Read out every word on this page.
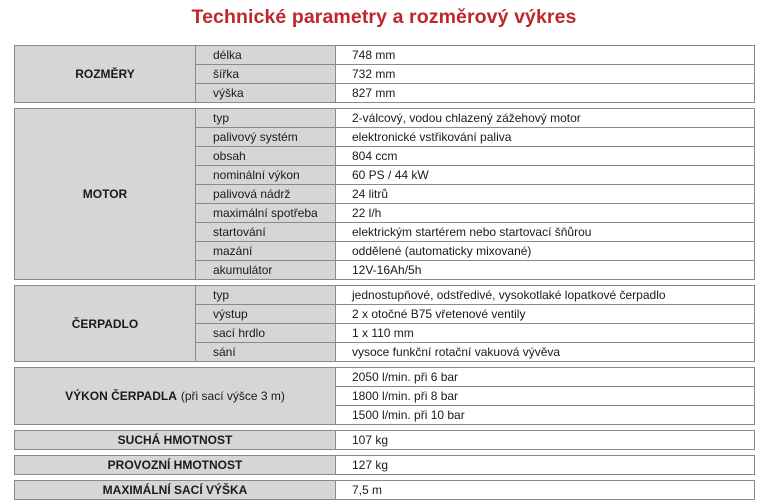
Technické parametry a rozměrový výkres
ROZMĚRY
délka	748 mm
šířka	732 mm
výška	827 mm
MOTOR
typ	2-válcový, vodou chlazený zážehový motor
palivový systém	elektronické vstřikování paliva
obsah	804 ccm
nominální výkon	60 PS / 44 kW
palivová nádrž	24 litrů
maximální spotřeba	22 l/h
startování	elektrickým startérem nebo startovací šňůrou
mazání	oddělené (automaticky mixované)
akumulátor	12V-16Ah/5h
ČERPADLO
typ	jednostupňové, odstředivé, vysokotlaké lopatkové čerpadlo
výstup	2 x otočné B75 vřetenové ventily
sací hrdlo	1 x 110 mm
sání	vysoce funkční rotační vakuová vývěva
VÝKON ČERPADLA (při sací výšce 3 m)
2050 l/min. při 6 bar
1800 l/min. při 8 bar
1500 l/min. při 10 bar
SUCHÁ HMOTNOST	107 kg
PROVOZNÍ HMOTNOST	127 kg
MAXIMÁLNÍ SACÍ VÝŠKA	7,5 m
